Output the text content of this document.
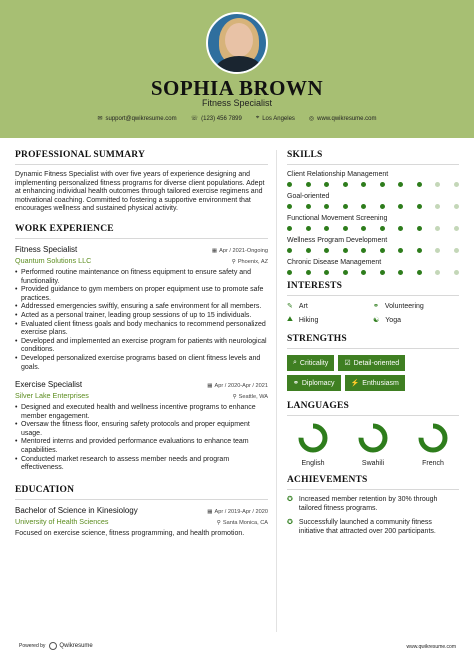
SOPHIA BROWN
Fitness Specialist
✉ support@qwikresume.com ☏ (123) 456 7899 ⌖ Los Angeles ◎ www.qwikresume.com
PROFESSIONAL SUMMARY

Dynamic Fitness Specialist with over five years of experience designing and implementing personalized fitness programs for diverse client populations. Adept at enhancing individual health outcomes through tailored exercise regimens and motivational coaching. Committed to fostering a supportive environment that encourages wellness and sustained physical activity.

WORK EXPERIENCE
Fitness Specialist	▦ Apr / 2021-Ongoing
Quantum Solutions LLC	⚲ Phoenix, AZ
• Performed routine maintenance on fitness equipment to ensure safety and functionality.
• Provided guidance to gym members on proper equipment use to promote safe practices.
• Addressed emergencies swiftly, ensuring a safe environment for all members.
• Acted as a personal trainer, leading group sessions of up to 15 individuals.
• Evaluated client fitness goals and body mechanics to recommend personalized exercise plans.
• Developed and implemented an exercise program for patients with neurological conditions.
• Developed personalized exercise programs based on client fitness levels and goals.
Exercise Specialist	▦ Apr / 2020-Apr / 2021
Silver Lake Enterprises	⚲ Seattle, WA
• Designed and executed health and wellness incentive programs to enhance member engagement.
• Oversaw the fitness floor, ensuring safety protocols and proper equipment usage.
• Mentored interns and provided performance evaluations to enhance team capabilities.
• Conducted market research to assess member needs and program effectiveness.
EDUCATION
Bachelor of Science in Kinesiology	▦ Apr / 2019-Apr / 2020
University of Health Sciences	⚲ Santa Monica, CA

Focused on exercise science, fitness programming, and health promotion.

SKILLS
Client Relationship Management
Goal-oriented
Functional Movement Screening
Wellness Program Development
Chronic Disease Management
INTERESTS
✎ Art	⚭ Volunteering
⛰ Hiking	☯ Yoga
STRENGTHS
⌕ Criticality ☑ Detail-oriented
⚭ Diplomacy ⚡ Enthusiasm
LANGUAGES
English	Swahili	French
ACHIEVEMENTS
✪ Increased member retention by 30% through tailored fitness programs.
✪ Successfully launched a community fitness initiative that attracted over 200 participants.
Powered by Qwikresume	www.qwikresume.com
